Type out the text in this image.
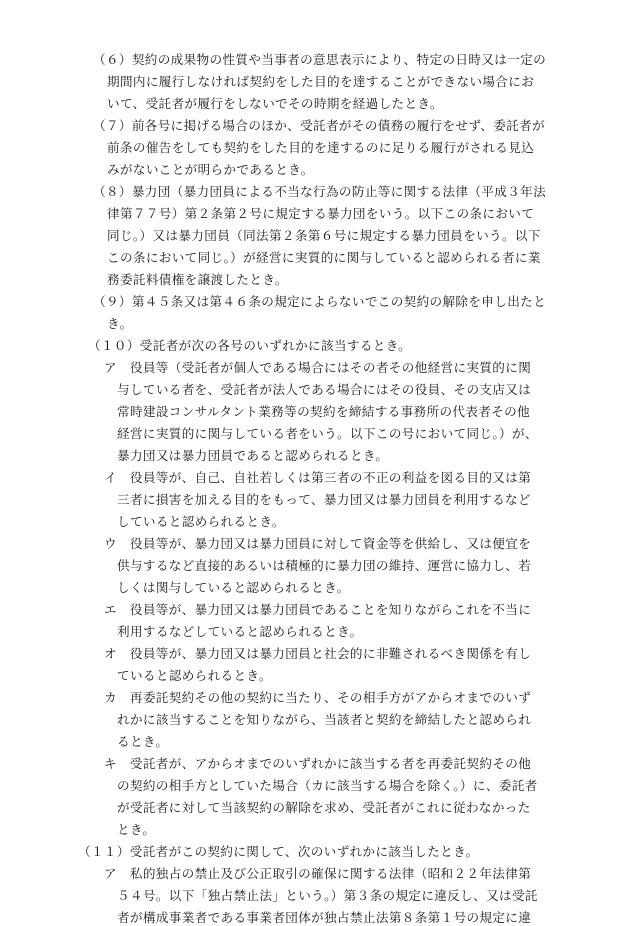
（６）契約の成果物の性質や当事者の意思表示により、特定の日時又は一定の
期間内に履行しなければ契約をした目的を達することができない場合にお
いて、受託者が履行をしないでその時期を経過したとき。
（７）前各号に掲げる場合のほか、受託者がその債務の履行をせず、委託者が
前条の催告をしても契約をした目的を達するのに足りる履行がされる見込
みがないことが明らかであるとき。
（８）暴力団（暴力団員による不当な行為の防止等に関する法律（平成３年法
律第７７号）第２条第２号に規定する暴力団をいう。以下この条において
同じ。）又は暴力団員（同法第２条第６号に規定する暴力団員をいう。以下
この条において同じ。）が経営に実質的に関与していると認められる者に業
務委託料債権を譲渡したとき。
（９）第４５条又は第４６条の規定によらないでこの契約の解除を申し出たと
き。
（１０）受託者が次の各号のいずれかに該当するとき。
ア　役員等（受託者が個人である場合にはその者その他経営に実質的に関
与している者を、受託者が法人である場合にはその役員、その支店又は
常時建設コンサルタント業務等の契約を締結する事務所の代表者その他
経営に実質的に関与している者をいう。以下この号において同じ。）が、
暴力団又は暴力団員であると認められるとき。
イ　役員等が、自己、自社若しくは第三者の不正の利益を図る目的又は第
三者に損害を加える目的をもって、暴力団又は暴力団員を利用するなど
していると認められるとき。
ウ　役員等が、暴力団又は暴力団員に対して資金等を供給し、又は便宜を
供与するなど直接的あるいは積極的に暴力団の維持、運営に協力し、若
しくは関与していると認められるとき。
エ　役員等が、暴力団又は暴力団員であることを知りながらこれを不当に
利用するなどしていると認められるとき。
オ　役員等が、暴力団又は暴力団員と社会的に非難されるべき関係を有し
ていると認められるとき。
カ　再委託契約その他の契約に当たり、その相手方がアからオまでのいず
れかに該当することを知りながら、当該者と契約を締結したと認められ
るとき。
キ　受託者が、アからオまでのいずれかに該当する者を再委託契約その他
の契約の相手方としていた場合（カに該当する場合を除く。）に、委託者
が受託者に対して当該契約の解除を求め、受託者がこれに従わなかった
とき。
（１１）受託者がこの契約に関して、次のいずれかに該当したとき。
ア　私的独占の禁止及び公正取引の確保に関する法律（昭和２２年法律第
５４号。以下「独占禁止法」という。）第３条の規定に違反し、又は受託
者が構成事業者である事業者団体が独占禁止法第８条第１号の規定に違
